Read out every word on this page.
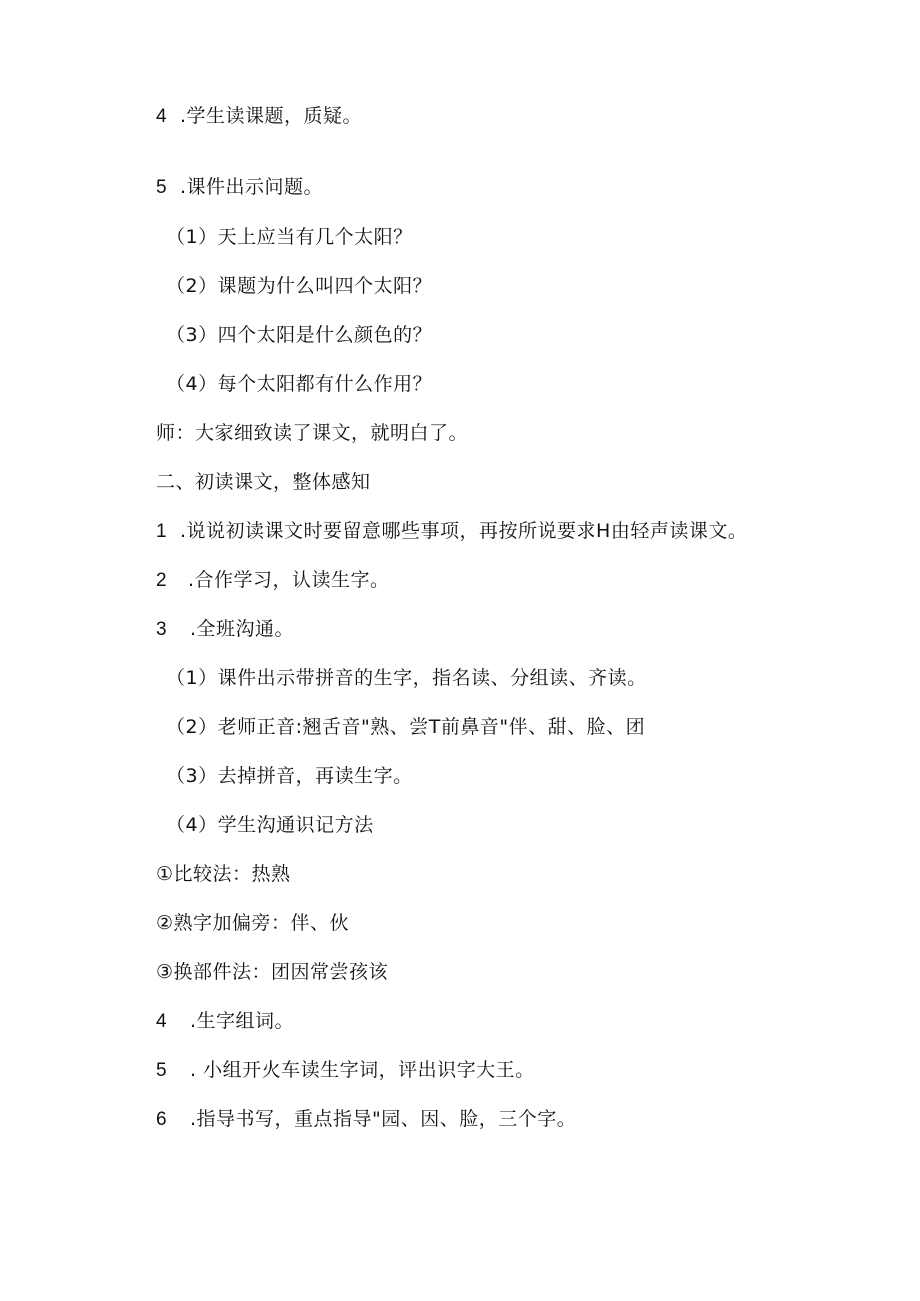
4 .学生读课题，质疑。
5 .课件出示问题。
（1）天上应当有几个太阳？
（2）课题为什么叫四个太阳？
（3）四个太阳是什么颜色的？
（4）每个太阳都有什么作用？
师：大家细致读了课文，就明白了。
二、初读课文，整体感知
1 .说说初读课文时要留意哪些事项，再按所说要求H由轻声读课文。
2 .合作学习，认读生字。
3 .全班沟通。
（1）课件出示带拼音的生字，指名读、分组读、齐读。
（2）老师正音:翘舌音"熟、尝T前鼻音"伴、甜、脸、团
（3）去掉拼音，再读生字。
（4）学生沟通识记方法
①比较法：热熟
②熟字加偏旁：伴、伙
③换部件法：团因常尝孩该
4 .生字组词。
5 . 小组开火车读生字词，评出识字大王。
6 .指导书写，重点指导"园、因、脸，三个字。
